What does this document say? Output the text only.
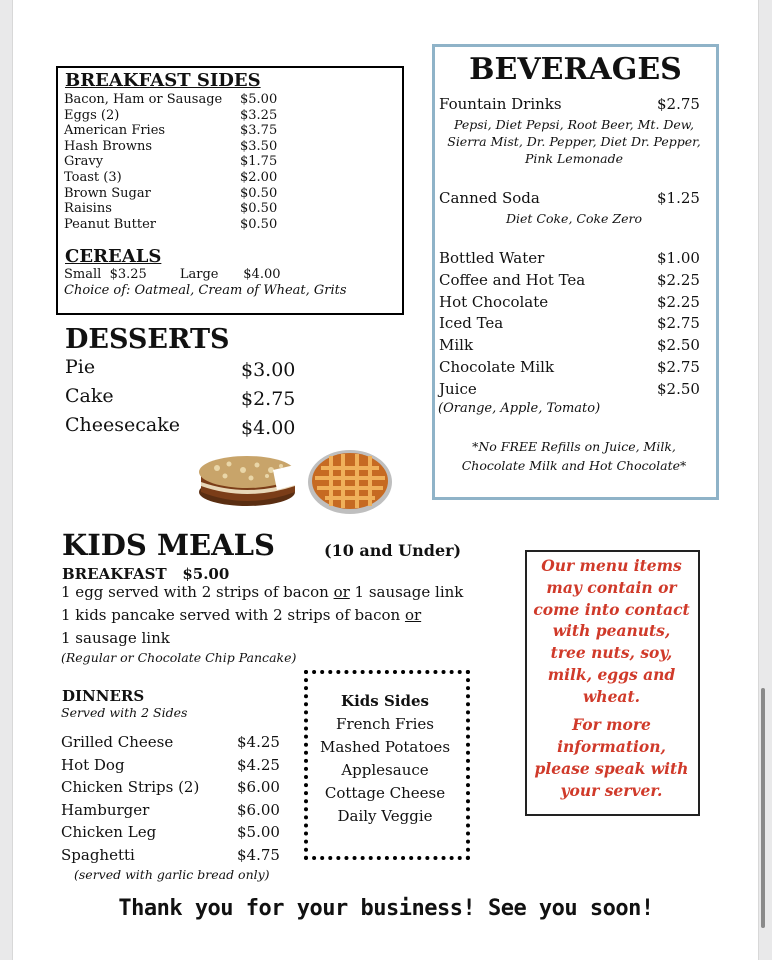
BREAKFAST SIDES
Bacon, Ham or Sausage $5.00
Eggs (2)	$3.25
American Fries	$3.75
Hash Browns	$3.50
Gravy	$1.75
Toast (3)	$2.00
Brown Sugar	$0.50
Raisins	$0.50
Peanut Butter	$0.50
CEREALS
Small $3.25	Large $4.00
Choice of: Oatmeal, Cream of Wheat, Grits
DESSERTS
Pie	$3.00
Cake	$2.75
Cheesecake	$4.00
BEVERAGES
Fountain Drinks	$2.75
Pepsi, Diet Pepsi, Root Beer, Mt. Dew,
Sierra Mist, Dr. Pepper, Diet Dr. Pepper,
Pink Lemonade
Canned Soda	$1.25
Diet Coke, Coke Zero
Bottled Water	$1.00
Coffee and Hot Tea	$2.25
Hot Chocolate	$2.25
Iced Tea	$2.75
Milk	$2.50
Chocolate Milk	$2.75
Juice	$2.50
(Orange, Apple, Tomato)
*No FREE Refills on Juice, Milk,
Chocolate Milk and Hot Chocolate*
KIDS MEALS	(10 and Under)
BREAKFAST $5.00
1 egg served with 2 strips of bacon or 1 sausage link
1 kids pancake served with 2 strips of bacon or
1 sausage link
(Regular or Chocolate Chip Pancake)
DINNERS
Served with 2 Sides
Grilled Cheese	$4.25
Hot Dog	$4.25
Chicken Strips (2)	$6.00
Hamburger	$6.00
Chicken Leg	$5.00
Spaghetti	$4.75
(served with garlic bread only)
Kids Sides
French Fries
Mashed Potatoes
Applesauce
Cottage Cheese
Daily Veggie
Our menu items
may contain or
come into contact
with peanuts,
tree nuts, soy,
milk, eggs and
wheat.
For more
information,
please speak with
your server.
Thank you for your business! See you soon!
